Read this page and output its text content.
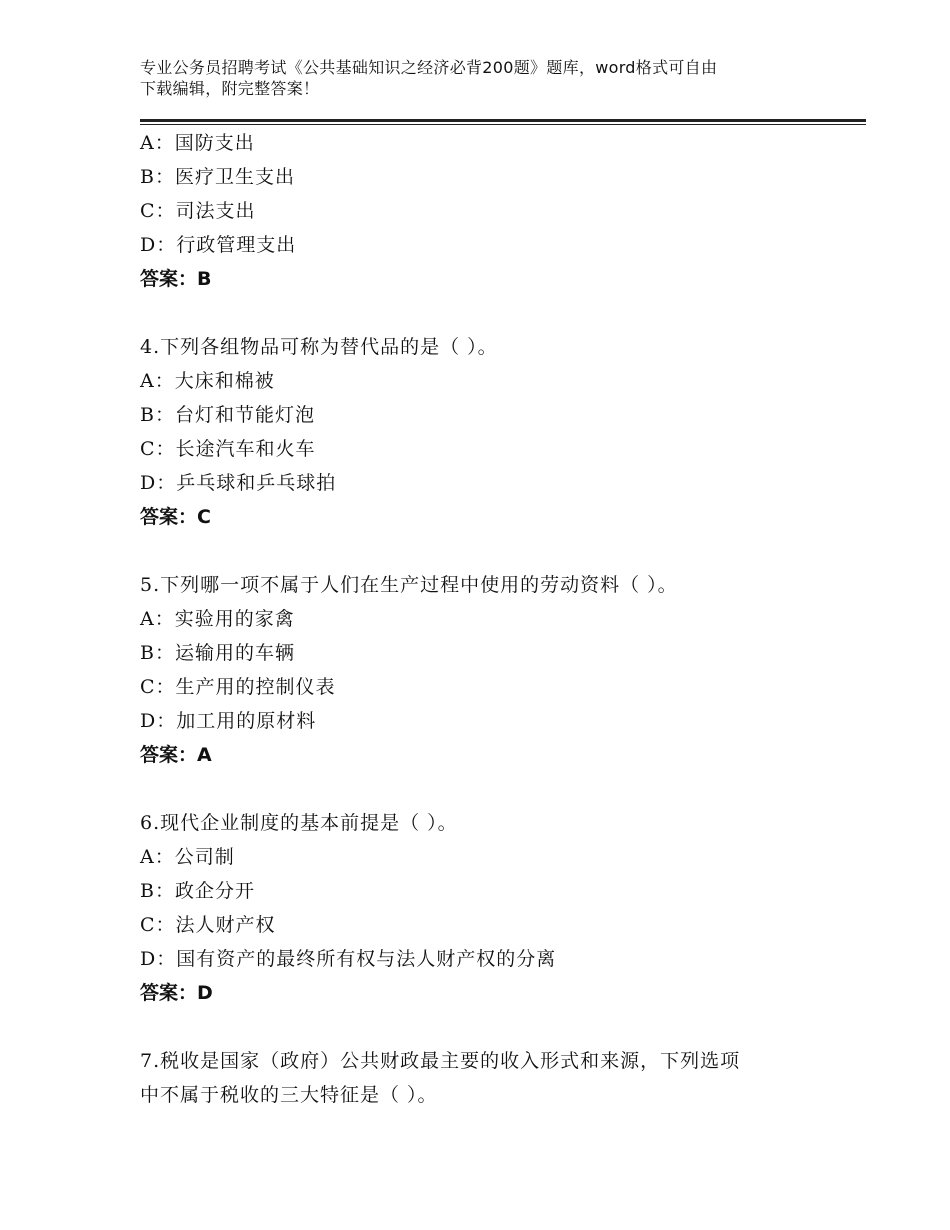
专业公务员招聘考试《公共基础知识之经济必背200题》题库，word格式可自由
下载编辑，附完整答案！
A：国防支出
B：医疗卫生支出
C：司法支出
D：行政管理支出
答案：B
4.下列各组物品可称为替代品的是（ ）。
A：大床和棉被
B：台灯和节能灯泡
C：长途汽车和火车
D：乒乓球和乒乓球拍
答案：C
5.下列哪一项不属于人们在生产过程中使用的劳动资料（ ）。
A：实验用的家禽
B：运输用的车辆
C：生产用的控制仪表
D：加工用的原材料
答案：A
6.现代企业制度的基本前提是（ ）。
A：公司制
B：政企分开
C：法人财产权
D：国有资产的最终所有权与法人财产权的分离
答案：D
7.税收是国家（政府）公共财政最主要的收入形式和来源，下列选项
中不属于税收的三大特征是（ ）。
